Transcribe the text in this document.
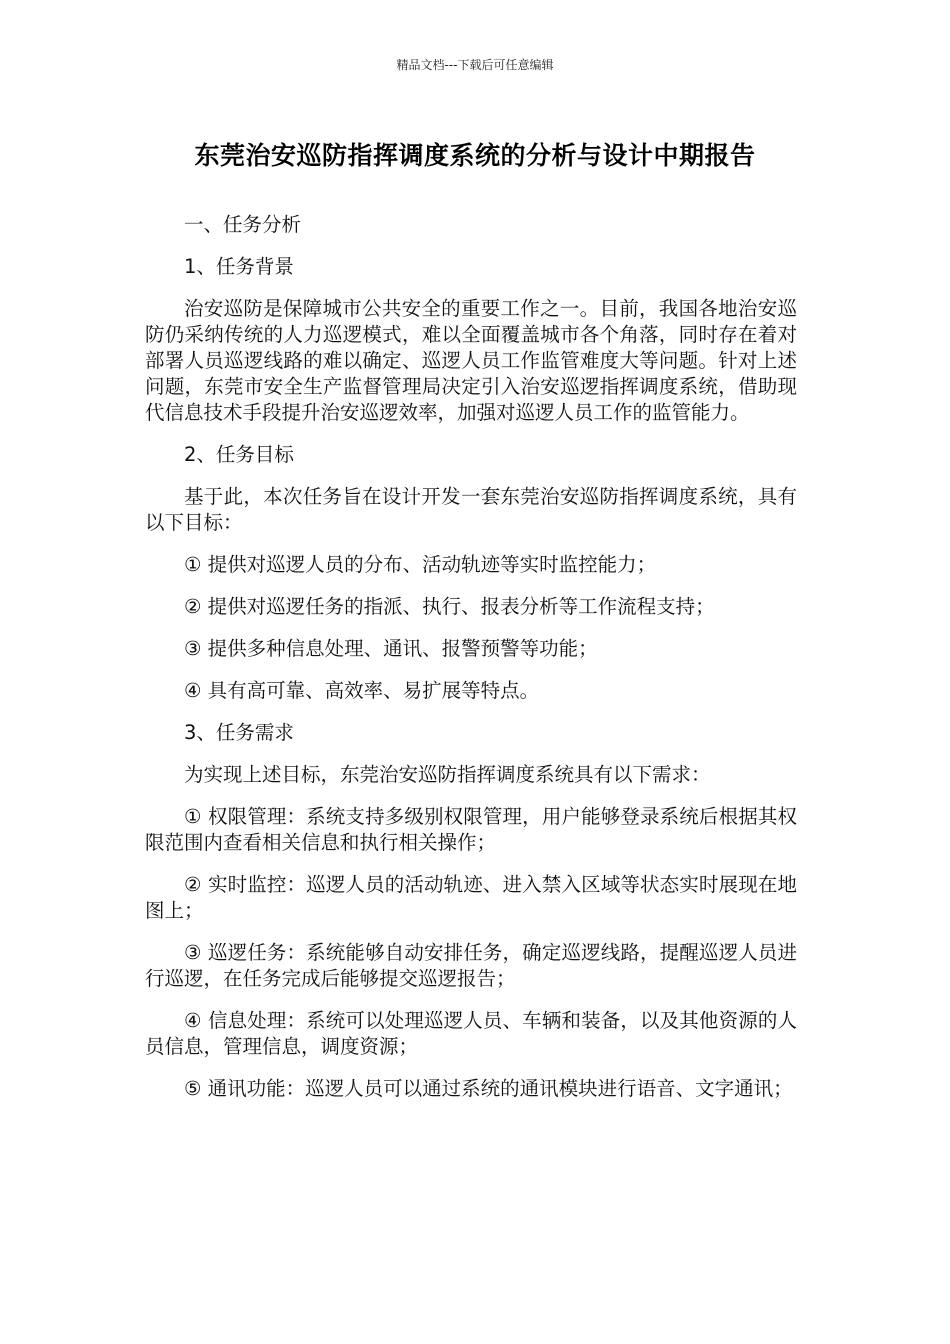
精品文档---下载后可任意编辑
东莞治安巡防指挥调度系统的分析与设计中期报告

一、任务分析

1、任务背景

治安巡防是保障城市公共安全的重要工作之一。目前，我国各地治安巡防仍采纳传统的人力巡逻模式，难以全面覆盖城市各个角落，同时存在着对部署人员巡逻线路的难以确定、巡逻人员工作监管难度大等问题。针对上述问题，东莞市安全生产监督管理局决定引入治安巡逻指挥调度系统，借助现代信息技术手段提升治安巡逻效率，加强对巡逻人员工作的监管能力。

2、任务目标

基于此，本次任务旨在设计开发一套东莞治安巡防指挥调度系统，具有以下目标：

① 提供对巡逻人员的分布、活动轨迹等实时监控能力；

② 提供对巡逻任务的指派、执行、报表分析等工作流程支持；

③ 提供多种信息处理、通讯、报警预警等功能；

④ 具有高可靠、高效率、易扩展等特点。

3、任务需求

为实现上述目标，东莞治安巡防指挥调度系统具有以下需求：

① 权限管理：系统支持多级别权限管理，用户能够登录系统后根据其权限范围内查看相关信息和执行相关操作；

② 实时监控：巡逻人员的活动轨迹、进入禁入区域等状态实时展现在地图上；

③ 巡逻任务：系统能够自动安排任务，确定巡逻线路，提醒巡逻人员进行巡逻，在任务完成后能够提交巡逻报告；

④ 信息处理：系统可以处理巡逻人员、车辆和装备，以及其他资源的人员信息，管理信息，调度资源；

⑤ 通讯功能：巡逻人员可以通过系统的通讯模块进行语音、文字通讯；
